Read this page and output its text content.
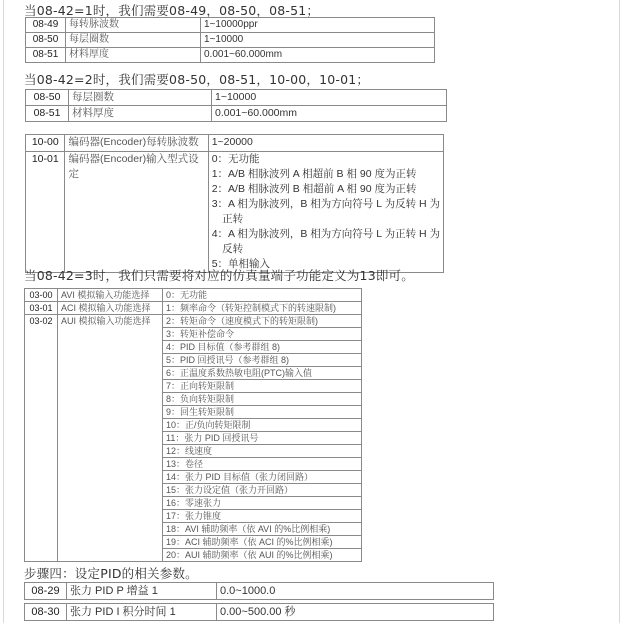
当08-42=1时，我们需要08-49，08-50，08-51；
08-49	每转脉波数	1~10000ppr
08-50	每层圈数	1~10000
08-51	材料厚度	0.001~60.000mm
当08-42=2时，我们需要08-50，08-51，10-00，10-01；
08-50	每层圈数	1~10000
08-51	材料厚度	0.001~60.000mm
10-00	编码器(Encoder)每转脉波数	1~20000
10-01	编码器(Encoder)输入型式设定	
0：无功能
1：A/B 相脉波列 A 相超前 B 相 90 度为正转
2：A/B 相脉波列 B 相超前 A 相 90 度为正转
3：A 相为脉波列，B 相为方向符号 L 为反转 H 为
　正转
4：A 相为脉波列，B 相为方向符号 L 为正转 H 为
　反转
5：单相输入
当08-42=3时，我们只需要将对应的仿真量端子功能定义为13即可。
03-00	AVI 模拟输入功能选择	0：无功能
03-01	ACI 模拟输入功能选择	1：频率命令（转矩控制模式下的转速限制)
03-02	AUI 模拟输入功能选择	2：转矩命令（速度模式下的转矩限制)
		3：转矩补偿命令
		4：PID 目标值（参考群组 8)
		5：PID 回授讯号（参考群组 8)
		6：正温度系数热敏电阻(PTC)输入值
		7：正向转矩限制
		8：负向转矩限制
		9：回生转矩限制
		10：正/负向转矩限制
		11：张力 PID 回授讯号
		12：线速度
		13：卷径
		14：张力 PID 目标值（张力闭回路）
		15：张力设定值（张力开回路）
		16：零速张力
		17：张力锥度
		18：AVI 辅助频率（依 AVI 的%比例相乘)
		19：ACI 辅助频率（依 ACI 的%比例相乘)
		20：AUI 辅助频率（依 AUI 的%比例相乘)
步骤四：设定PID的相关参数。
08-29	张力 PID P 增益 1	0.0~1000.0

08-30	张力 PID I 积分时间 1	0.00~500.00 秒
